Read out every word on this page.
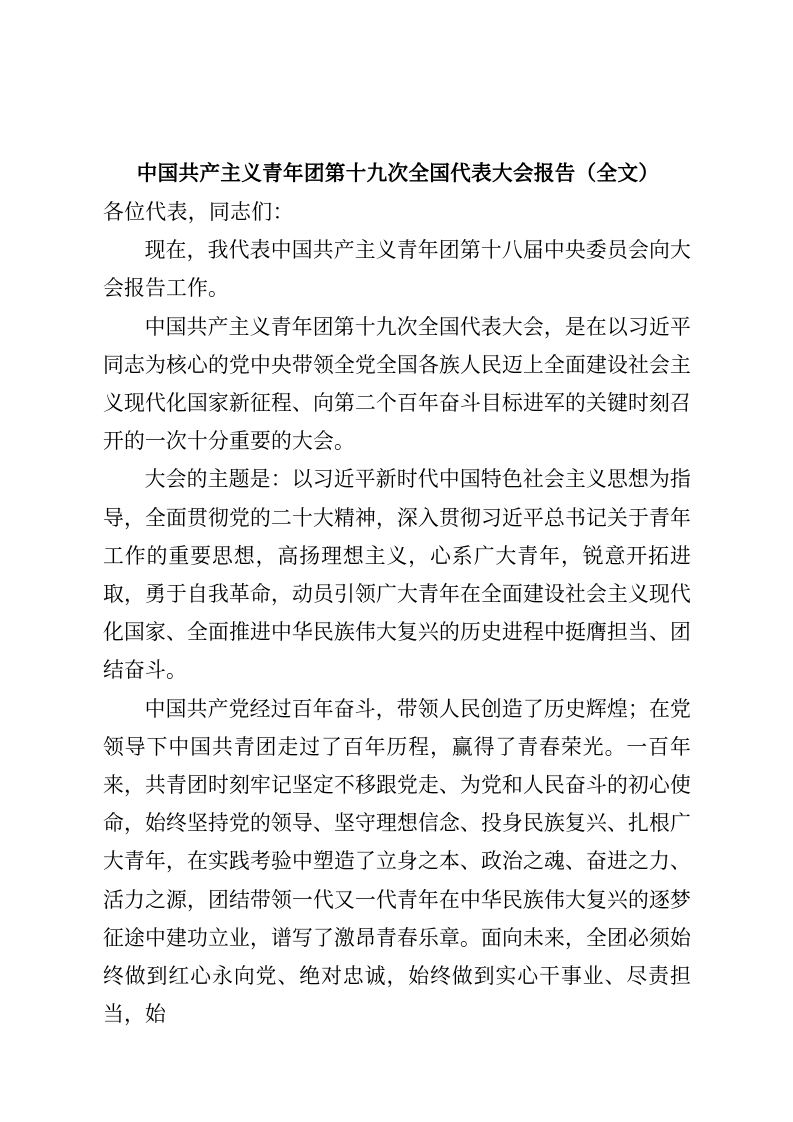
中国共产主义青年团第十九次全国代表大会报告（全文）

各位代表，同志们：

现在，我代表中国共产主义青年团第十八届中央委员会向大会报告工作。

中国共产主义青年团第十九次全国代表大会，是在以习近平同志为核心的党中央带领全党全国各族人民迈上全面建设社会主义现代化国家新征程、向第二个百年奋斗目标进军的关键时刻召开的一次十分重要的大会。

大会的主题是：以习近平新时代中国特色社会主义思想为指导，全面贯彻党的二十大精神，深入贯彻习近平总书记关于青年工作的重要思想，高扬理想主义，心系广大青年，锐意开拓进取，勇于自我革命，动员引领广大青年在全面建设社会主义现代化国家、全面推进中华民族伟大复兴的历史进程中挺膺担当、团结奋斗。

中国共产党经过百年奋斗，带领人民创造了历史辉煌；在党领导下中国共青团走过了百年历程，赢得了青春荣光。一百年来，共青团时刻牢记坚定不移跟党走、为党和人民奋斗的初心使命，始终坚持党的领导、坚守理想信念、投身民族复兴、扎根广大青年，在实践考验中塑造了立身之本、政治之魂、奋进之力、活力之源，团结带领一代又一代青年在中华民族伟大复兴的逐梦征途中建功立业，谱写了激昂青春乐章。面向未来，全团必须始终做到红心永向党、绝对忠诚，始终做到实心干事业、尽责担当，始
